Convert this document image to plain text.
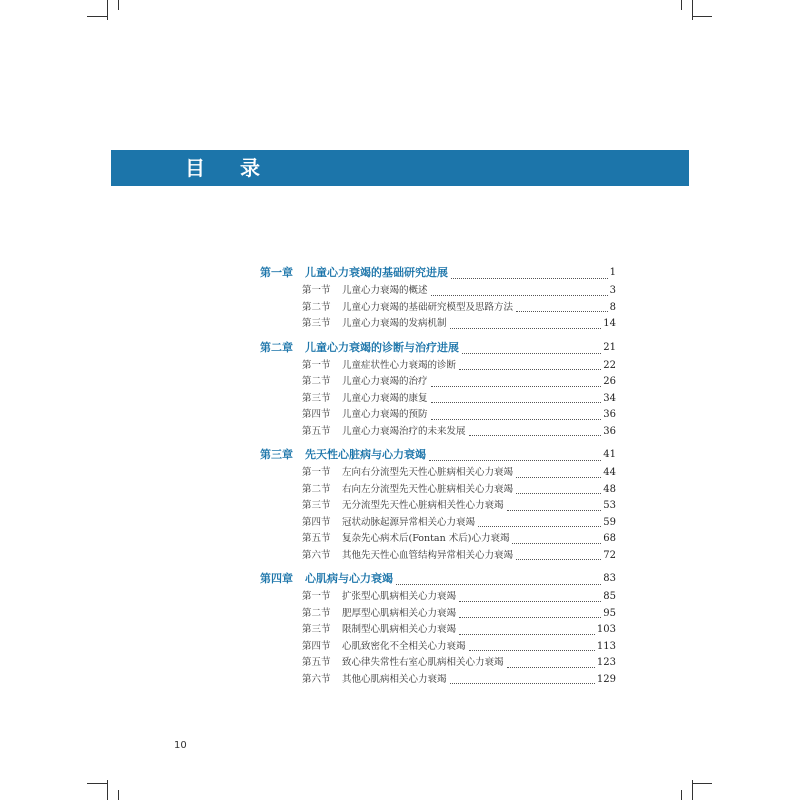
目 录
第一章 儿童心力衰竭的基础研究进展	1
第一节 儿童心力衰竭的概述	3
第二节 儿童心力衰竭的基础研究模型及思路方法	8
第三节 儿童心力衰竭的发病机制	14
第二章 儿童心力衰竭的诊断与治疗进展	21
第一节 儿童症状性心力衰竭的诊断	22
第二节 儿童心力衰竭的治疗	26
第三节 儿童心力衰竭的康复	34
第四节 儿童心力衰竭的预防	36
第五节 儿童心力衰竭治疗的未来发展	36
第三章 先天性心脏病与心力衰竭	41
第一节 左向右分流型先天性心脏病相关心力衰竭	44
第二节 右向左分流型先天性心脏病相关心力衰竭	48
第三节 无分流型先天性心脏病相关性心力衰竭	53
第四节 冠状动脉起源异常相关心力衰竭	59
第五节 复杂先心病术后(Fontan 术后)心力衰竭	68
第六节 其他先天性心血管结构异常相关心力衰竭	72
第四章 心肌病与心力衰竭	83
第一节 扩张型心肌病相关心力衰竭	85
第二节 肥厚型心肌病相关心力衰竭	95
第三节 限制型心肌病相关心力衰竭	103
第四节 心肌致密化不全相关心力衰竭	113
第五节 致心律失常性右室心肌病相关心力衰竭	123
第六节 其他心肌病相关心力衰竭	129
10
